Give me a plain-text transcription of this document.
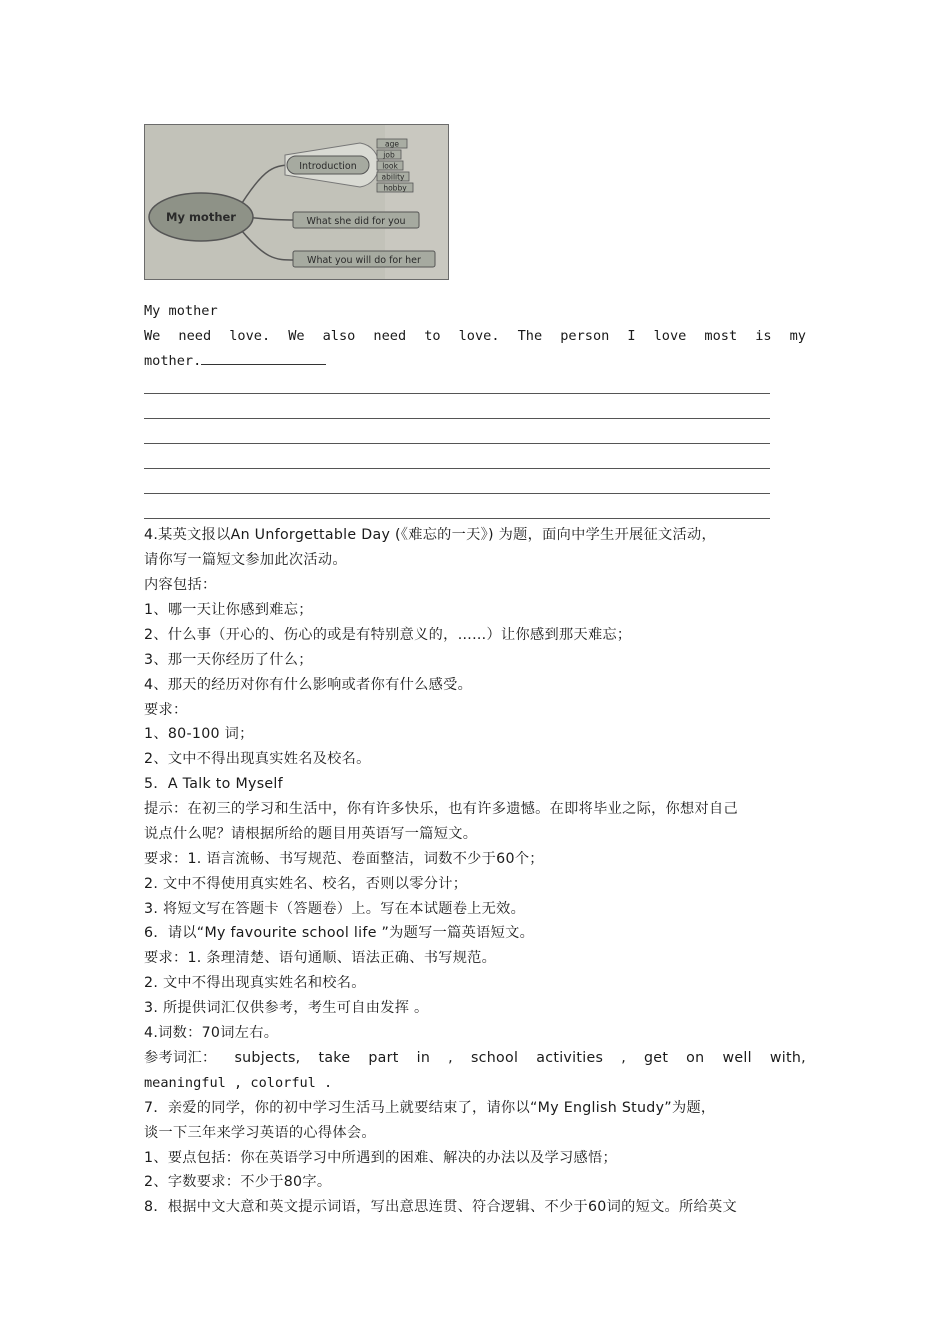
My mother
Introduction
age
job
look
ability
hobby
What she did for you
What you will do for her
My mother
We need love. We also need to love. The person I love most is my
mother.
4.某英文报以An Unforgettable Day (《难忘的一天》) 为题，面向中学生开展征文活动，
请你写一篇短文参加此次活动。
内容包括：
1、哪一天让你感到难忘；
2、什么事（开心的、伤心的或是有特别意义的，……）让你感到那天难忘；
3、那一天你经历了什么；
4、那天的经历对你有什么影响或者你有什么感受。
要求：
1、80-100 词；
2、文中不得出现真实姓名及校名。
5．A Talk to Myself
提示：在初三的学习和生活中，你有许多快乐，也有许多遗憾。在即将毕业之际，你想对自己
说点什么呢？请根据所给的题目用英语写一篇短文。
要求：1. 语言流畅、书写规范、卷面整洁，词数不少于60个；
2. 文中不得使用真实姓名、校名，否则以零分计；
3. 将短文写在答题卡（答题卷）上。写在本试题卷上无效。
6．请以“My favourite school life ”为题写一篇英语短文。
要求：1. 条理清楚、语句通顺、语法正确、书写规范。
2. 文中不得出现真实姓名和校名。
3. 所提供词汇仅供参考，考生可自由发挥 。
4.词数：70词左右。
参考词汇： subjects, take part in , school activities , get on well with,
meaningful , colorful .
7．亲爱的同学，你的初中学习生活马上就要结束了，请你以“My English Study”为题，
谈一下三年来学习英语的心得体会。
1、要点包括：你在英语学习中所遇到的困难、解决的办法以及学习感悟；
2、字数要求：不少于80字。
8．根据中文大意和英文提示词语，写出意思连贯、符合逻辑、不少于60词的短文。所给英文
